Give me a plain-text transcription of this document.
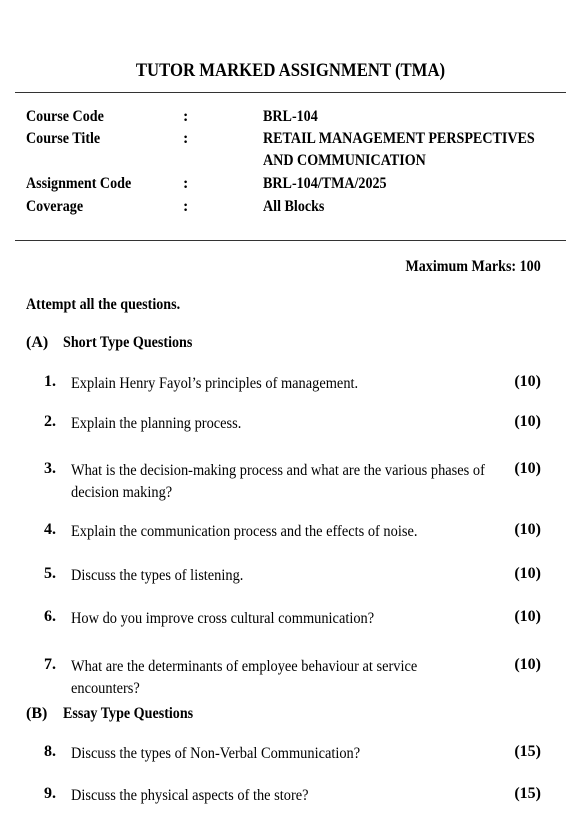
TUTOR MARKED ASSIGNMENT (TMA)
Course Code	:	BRL-104
Course Title	:	RETAIL MANAGEMENT PERSPECTIVES
AND COMMUNICATION
Assignment Code	:	BRL-104/TMA/2025
Coverage	:	All Blocks
Maximum Marks: 100
Attempt all the questions.
(A) Short Type Questions
1. Explain Henry Fayol’s principles of management.	(10)
2. Explain the planning process.	(10)
3. What is the decision-making process and what are the various phases of decision making?
(10)
4. Explain the communication process and the effects of noise.	(10)
5. Discuss the types of listening.	(10)
6. How do you improve cross cultural communication?	(10)
7. What are the determinants of employee behaviour at service encounters?
(10)
(B) Essay Type Questions
8. Discuss the types of Non-Verbal Communication?	(15)
9. Discuss the physical aspects of the store?	(15)
